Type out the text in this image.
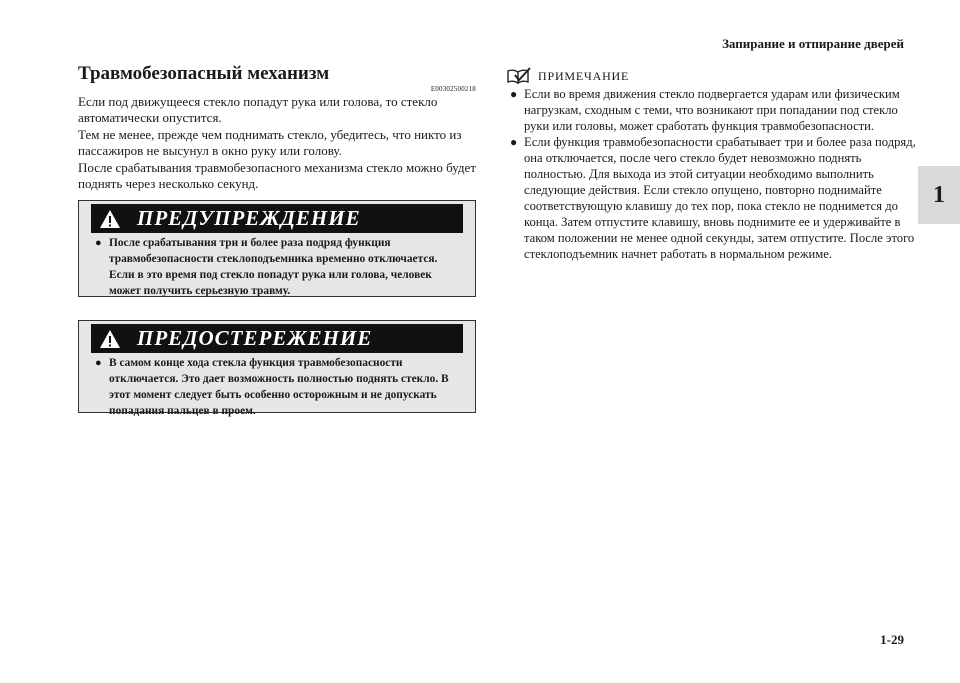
Запирание и отпирание дверей
1
Травмобезопасный механизм
E00302500218

Если под движущееся стекло попадут рука или голова, то стекло автоматически опустится.

Тем не менее, прежде чем поднимать стекло, убедитесь, что никто из пассажиров не высунул в окно руку или голову.

После срабатывания травмобезопасного механизма стекло можно будет поднять через несколько секунд.

ПРЕДУПРЕЖДЕНИЕ
● После срабатывания три и более раза подряд функция травмобезопасности стеклоподъемника временно отключается. Если в это время под стекло попадут рука или голова, человек может получить серьезную травму.
ПРЕДОСТЕРЕЖЕНИЕ
● В самом конце хода стекла функция травмобезопасности отключается. Это дает возможность полностью поднять стекло. В этот момент следует быть особенно осторожным и не допускать попадания пальцев в проем.
ПРИМЕЧАНИЕ
● Если во время движения стекло подвергается ударам или физическим нагрузкам, сходным с теми, что возникают при попадании под стекло руки или головы, может сработать функция травмобезопасности.
● Если функция травмобезопасности срабатывает три и более раза подряд, она отключается, после чего стекло будет невозможно поднять полностью. Для выхода из этой ситуации необходимо выполнить следующие действия. Если стекло опущено, повторно поднимайте соответствующую клавишу до тех пор, пока стекло не поднимется до конца. Затем отпустите клавишу, вновь поднимите ее и удерживайте в таком положении не менее одной секунды, затем отпустите. После этого стеклоподъемник начнет работать в нормальном режиме.
1-29
